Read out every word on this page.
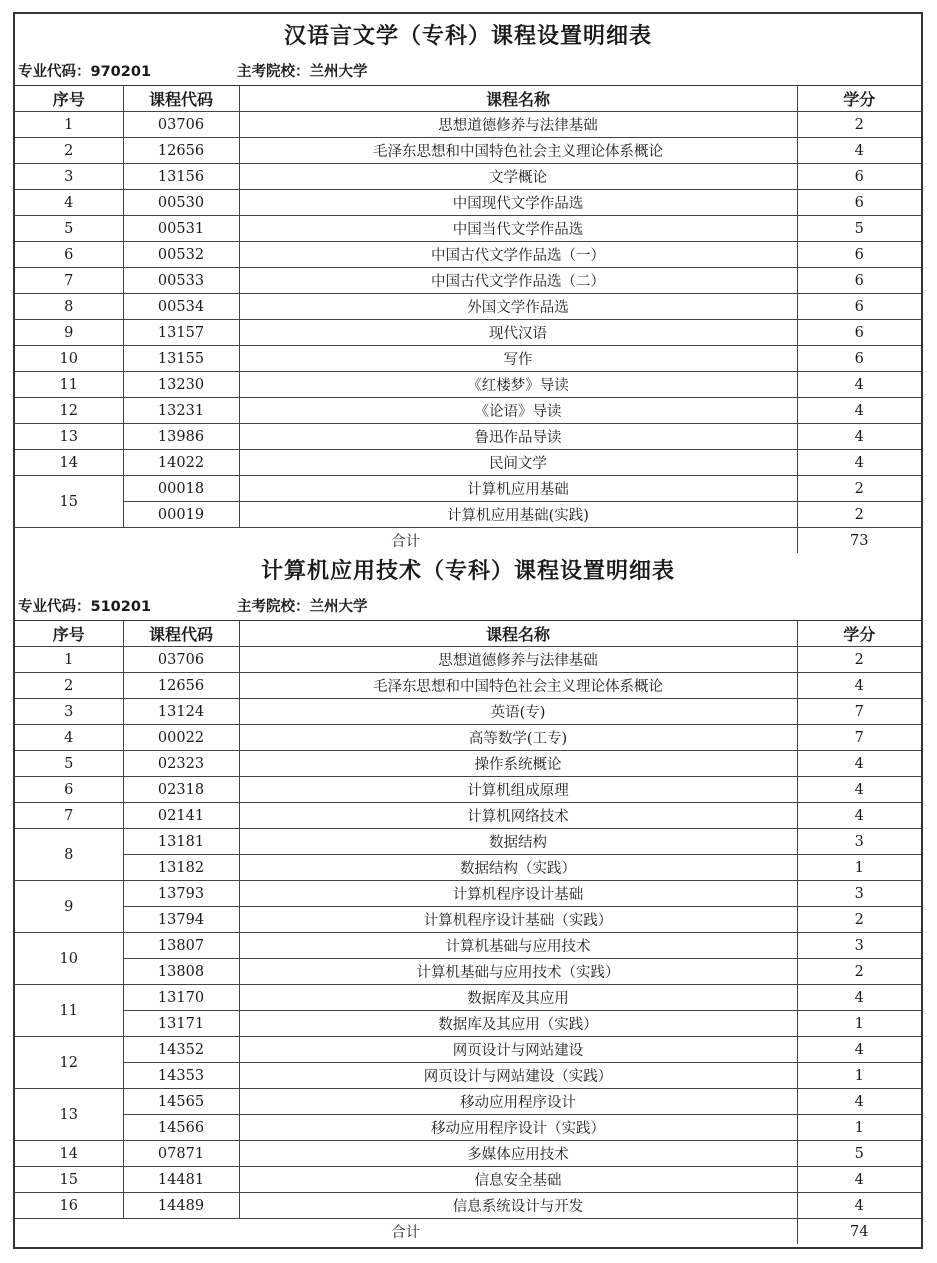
汉语言文学（专科）课程设置明细表
专业代码：970201	主考院校：兰州大学
序号	课程代码	课程名称	学分
1	03706	思想道德修养与法律基础	2
2	12656	毛泽东思想和中国特色社会主义理论体系概论	4
3	13156	文学概论	6
4	00530	中国现代文学作品选	6
5	00531	中国当代文学作品选	5
6	00532	中国古代文学作品选（一）	6
7	00533	中国古代文学作品选（二）	6
8	00534	外国文学作品选	6
9	13157	现代汉语	6
10	13155	写作	6
11	13230	《红楼梦》导读	4
12	13231	《论语》导读	4
13	13986	鲁迅作品导读	4
14	14022	民间文学	4
15	00018	计算机应用基础	2
	00019	计算机应用基础(实践)	2
合计			73
计算机应用技术（专科）课程设置明细表
专业代码：510201	主考院校：兰州大学
序号	课程代码	课程名称	学分
1	03706	思想道德修养与法律基础	2
2	12656	毛泽东思想和中国特色社会主义理论体系概论	4
3	13124	英语(专)	7
4	00022	高等数学(工专)	7
5	02323	操作系统概论	4
6	02318	计算机组成原理	4
7	02141	计算机网络技术	4
8	13181	数据结构	3
	13182	数据结构（实践）	1
9	13793	计算机程序设计基础	3
	13794	计算机程序设计基础（实践）	2
10	13807	计算机基础与应用技术	3
	13808	计算机基础与应用技术（实践）	2
11	13170	数据库及其应用	4
	13171	数据库及其应用（实践）	1
12	14352	网页设计与网站建设	4
	14353	网页设计与网站建设（实践）	1
13	14565	移动应用程序设计	4
	14566	移动应用程序设计（实践）	1
14	07871	多媒体应用技术	5
15	14481	信息安全基础	4
16	14489	信息系统设计与开发	4
合计			74
